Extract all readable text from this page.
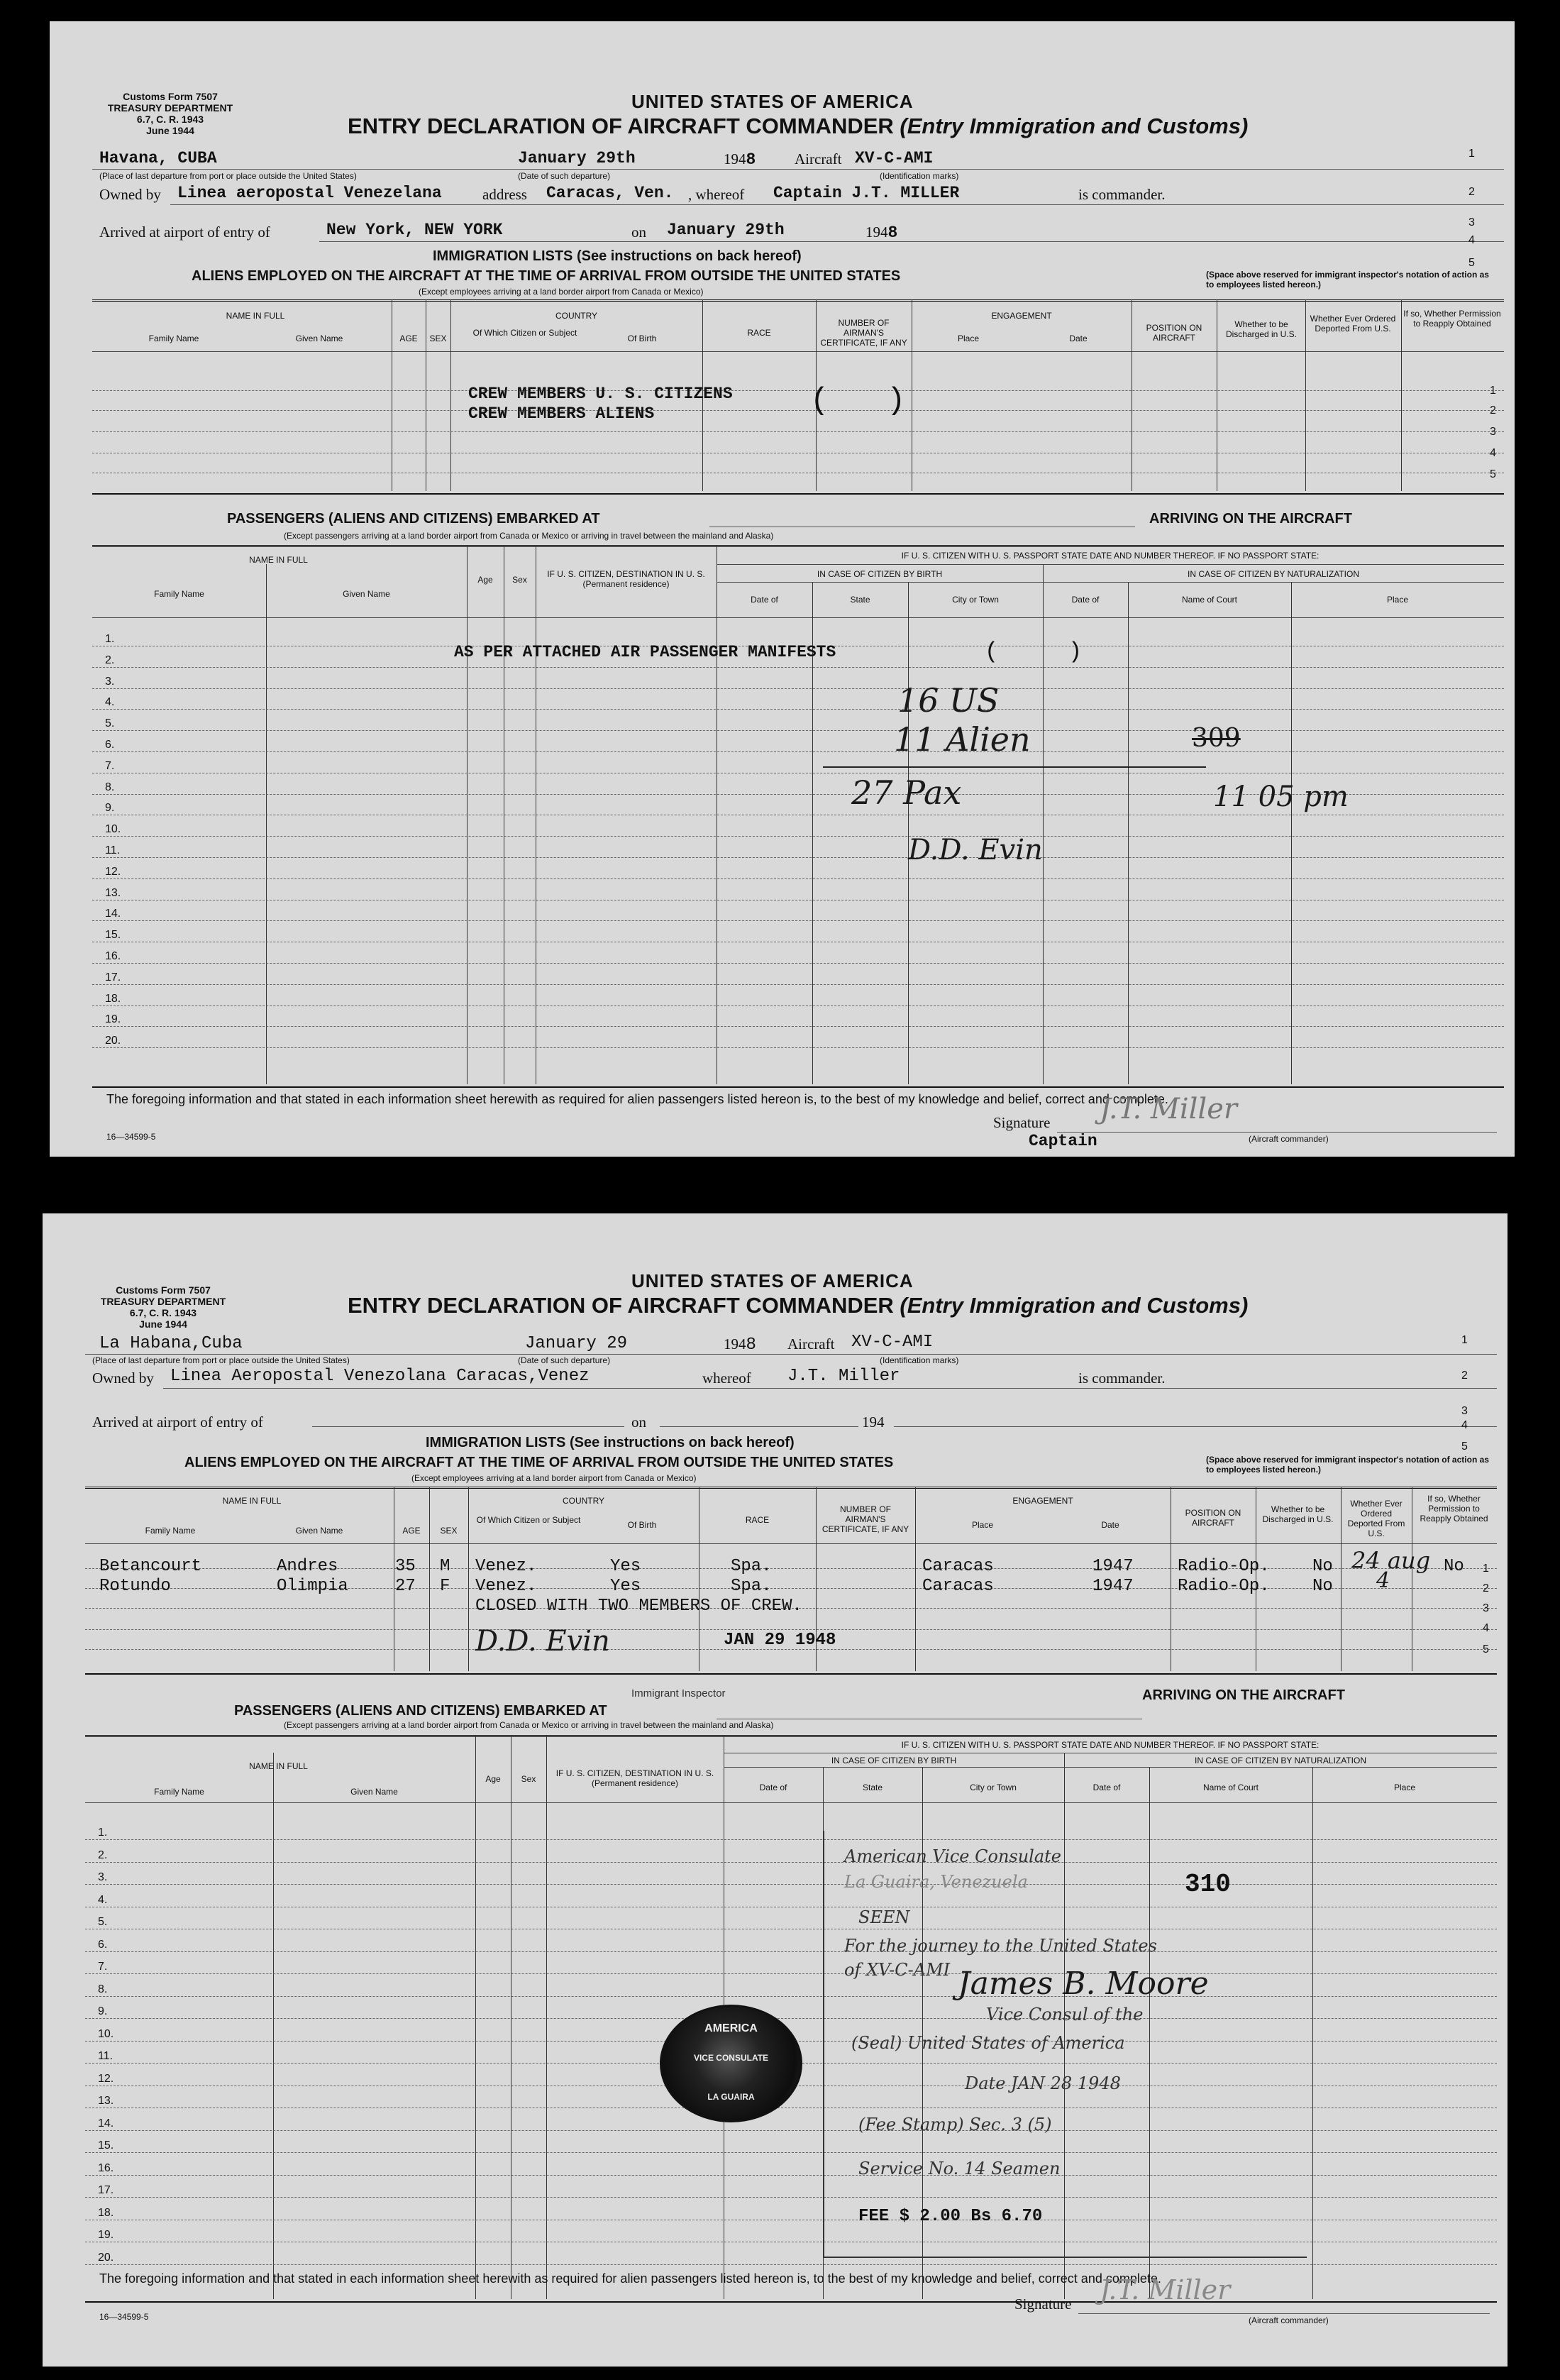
Customs Form 7507
TREASURY DEPARTMENT
6.7, C. R. 1943
June 1944
UNITED STATES OF AMERICA
ENTRY DECLARATION OF AIRCRAFT COMMANDER (Entry Immigration and Customs)
Havana, CUBA	January 29th	1948	Aircraft XV-C-AMI
(Place of last departure from port or place outside the United States)	(Date of such departure)	(Identification marks)
Owned by Linea aeropostal Venezelana	address Caracas, Ven. , whereof Captain J.T. MILLER	is commander.
Arrived at airport of entry of	New York, NEW YORK	on January 29th	1948
IMMIGRATION LISTS (See instructions on back hereof)
ALIENS EMPLOYED ON THE AIRCRAFT AT THE TIME OF ARRIVAL FROM OUTSIDE THE UNITED STATES
(Except employees arriving at a land border airport from Canada or Mexico)
(Space above reserved for immigrant inspector's notation of action as to employees listed hereon.)
NAME IN FULL
Family Name	Given Name	AGE	SEX
COUNTRY
Of Which Citizen or Subject
Of Birth
RACE
NUMBER OF AIRMAN'S CERTIFICATE, IF ANY
ENGAGEMENT
Place	Date
POSITION ON AIRCRAFT
Whether to be Discharged in U.S.
Whether Ever Ordered Deported From U.S.
If so, Whether Permission to Reapply Obtained
CREW MEMBERS U. S. CITIZENS
CREW MEMBERS ALIENS	( )
1
2
3
4
5
1
2
3
4
5
PASSENGERS (ALIENS AND CITIZENS) EMBARKED AT	ARRIVING ON THE AIRCRAFT
(Except passengers arriving at a land border airport from Canada or Mexico or arriving in travel between the mainland and Alaska)
NAME IN FULL
Family Name	Given Name
Age	Sex
IF U. S. CITIZEN, DESTINATION IN U. S. (Permanent residence)
IF U. S. CITIZEN WITH U. S. PASSPORT STATE DATE AND NUMBER THEREOF. IF NO PASSPORT STATE:
IN CASE OF CITIZEN BY BIRTH	IN CASE OF CITIZEN BY NATURALIZATION
Date of	State	City or Town	Date of	Name of Court	Place
1.
2.
3.
4.
5.
6.
7.
8.
9.
10.
11.
12.
13.
14.
15.
16.
17.
18.
19.
20.
AS PER ATTACHED AIR PASSENGER MANIFESTS	(	)
16 US
11 Alien
27 Pax	11 05 pm
309
D.D. Evin
The foregoing information and that stated in each information sheet herewith as required for alien passengers listed hereon is, to the best of my knowledge and belief, correct and complete.
16—34599-5
Signature J.T. Miller
(Aircraft commander)
Captain
Customs Form 7507
TREASURY DEPARTMENT
6.7, C. R. 1943
June 1944
UNITED STATES OF AMERICA
ENTRY DECLARATION OF AIRCRAFT COMMANDER (Entry Immigration and Customs)
La Habana,Cuba	January 29	1948 Aircraft XV-C-AMI
(Place of last departure from port or place outside the United States)	(Date of such departure)	(Identification marks)
Owned by Linea Aeropostal Venezolana Caracas,Venez	whereof J.T. Miller	is commander.
Arrived at airport of entry of	on	194
IMMIGRATION LISTS (See instructions on back hereof)
ALIENS EMPLOYED ON THE AIRCRAFT AT THE TIME OF ARRIVAL FROM OUTSIDE THE UNITED STATES
(Except employees arriving at a land border airport from Canada or Mexico)
(Space above reserved for immigrant inspector's notation of action as to employees listed hereon.)
NAME IN FULL
Family Name	Given Name	AGE	SEX
COUNTRY
Of Which Citizen or Subject	Of Birth	RACE
NUMBER OF AIRMAN'S CERTIFICATE, IF ANY
ENGAGEMENT
Place	Date
POSITION ON AIRCRAFT
Whether to be Discharged in U.S.
Whether Ever Ordered Deported From U.S.
If so, Whether Permission to Reapply Obtained
Betancourt	Andres	35 M Venez.	Yes	Spa.	Caracas	1947	Radio-Op.	No 24 aug No
Rotundo	Olimpia	27 F Venez.	Yes	Spa.	Caracas	1947	Radio-Op.	No 4
CLOSED WITH TWO MEMBERS OF CREW.
JAN 29 1948
D.D. Evin
1
2
3
4
5
1
2
3
4
5
PASSENGERS (ALIENS AND CITIZENS) EMBARKED AT
Immigrant Inspector	ARRIVING ON THE AIRCRAFT
(Except passengers arriving at a land border airport from Canada or Mexico or arriving in travel between the mainland and Alaska)
NAME IN FULL
Family Name	Given Name
Age	Sex
IF U. S. CITIZEN, DESTINATION IN U. S. (Permanent residence)
IF U. S. CITIZEN WITH U. S. PASSPORT STATE DATE AND NUMBER THEREOF. IF NO PASSPORT STATE:
IN CASE OF CITIZEN BY BIRTH	IN CASE OF CITIZEN BY NATURALIZATION
Date of	State	City or Town	Date of	Name of Court	Place
1.
2.
3.
4.
5.
6.
7.
8.
9.
10.
11.
12.
13.
14.
15.
16.
17.
18.
19.
20.
American Vice Consulate
La Guaira, Venezuela
SEEN
For the journey to the United States
of XV-C-AMI James B. Moore
Vice Consul of the
(Seal) United States of America
Date JAN 28 1948
(Fee Stamp) Sec. 3 (5)
Service No. 14 Seamen
FEE $ 2.00 Bs 6.70
310
AMERICA
VICE CONSULATE
LA GUAIRA
The foregoing information and that stated in each information sheet herewith as required for alien passengers listed hereon is, to the best of my knowledge and belief, correct and complete.
16—34599-5
Signature J.T. Miller
(Aircraft commander)
